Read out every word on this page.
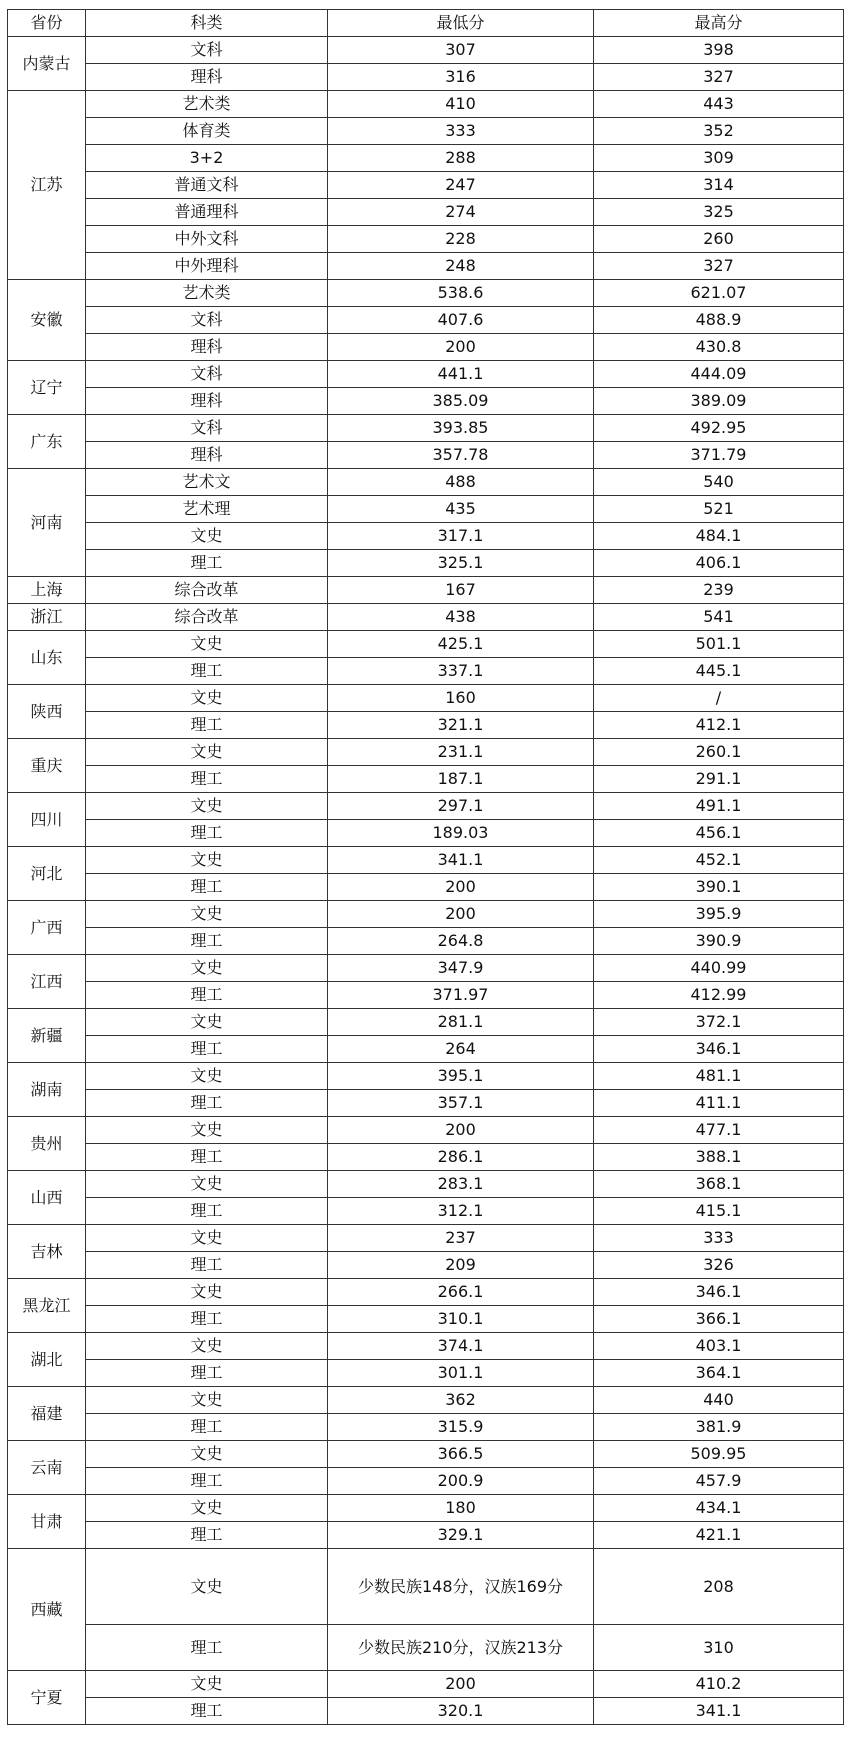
省份	科类	最低分	最高分
内蒙古	文科	307	398
	理科	316	327
江苏	艺术类	410	443
	体育类	333	352
	3+2	288	309
	普通文科	247	314
	普通理科	274	325
	中外文科	228	260
	中外理科	248	327
安徽	艺术类	538.6	621.07
	文科	407.6	488.9
	理科	200	430.8
辽宁	文科	441.1	444.09
	理科	385.09	389.09
广东	文科	393.85	492.95
	理科	357.78	371.79
河南	艺术文	488	540
	艺术理	435	521
	文史	317.1	484.1
	理工	325.1	406.1
上海	综合改革	167	239
浙江	综合改革	438	541
山东	文史	425.1	501.1
	理工	337.1	445.1
陕西	文史	160	/
	理工	321.1	412.1
重庆	文史	231.1	260.1
	理工	187.1	291.1
四川	文史	297.1	491.1
	理工	189.03	456.1
河北	文史	341.1	452.1
	理工	200	390.1
广西	文史	200	395.9
	理工	264.8	390.9
江西	文史	347.9	440.99
	理工	371.97	412.99
新疆	文史	281.1	372.1
	理工	264	346.1
湖南	文史	395.1	481.1
	理工	357.1	411.1
贵州	文史	200	477.1
	理工	286.1	388.1
山西	文史	283.1	368.1
	理工	312.1	415.1
吉林	文史	237	333
	理工	209	326
黑龙江	文史	266.1	346.1
	理工	310.1	366.1
湖北	文史	374.1	403.1
	理工	301.1	364.1
福建	文史	362	440
	理工	315.9	381.9
云南	文史	366.5	509.95
	理工	200.9	457.9
甘肃	文史	180	434.1
	理工	329.1	421.1
西藏	文史	少数民族148分，汉族169分	208
	理工	少数民族210分，汉族213分	310
宁夏	文史	200	410.2
	理工	320.1	341.1
